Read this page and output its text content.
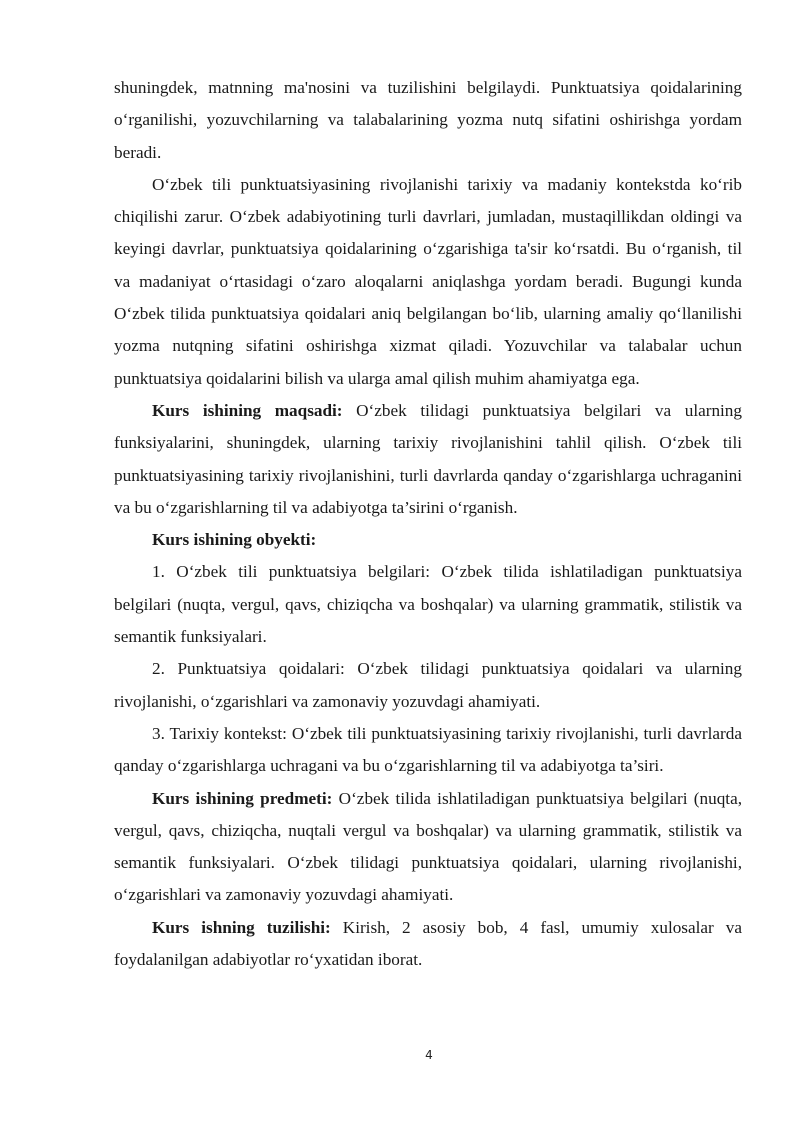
shuningdek, matnning ma'nosini va tuzilishini belgilaydi. Punktuatsiya qoidalarining o‘rganilishi, yozuvchilarning va talabalarining yozma nutq sifatini oshirishga yordam beradi.

O‘zbek tili punktuatsiyasining rivojlanishi tarixiy va madaniy kontekstda ko‘rib chiqilishi zarur. O‘zbek adabiyotining turli davrlari, jumladan, mustaqillikdan oldingi va keyingi davrlar, punktuatsiya qoidalarining o‘zgarishiga ta'sir ko‘rsatdi. Bu o‘rganish, til va madaniyat o‘rtasidagi o‘zaro aloqalarni aniqlashga yordam beradi. Bugungi kunda O‘zbek tilida punktuatsiya qoidalari aniq belgilangan bo‘lib, ularning amaliy qo‘llanilishi yozma nutqning sifatini oshirishga xizmat qiladi. Yozuvchilar va talabalar uchun punktuatsiya qoidalarini bilish va ularga amal qilish muhim ahamiyatga ega.

Kurs ishining maqsadi: O‘zbek tilidagi punktuatsiya belgilari va ularning funksiyalarini, shuningdek, ularning tarixiy rivojlanishini tahlil qilish. O‘zbek tili punktuatsiyasining tarixiy rivojlanishini, turli davrlarda qanday o‘zgarishlarga uchraganini va bu o‘zgarishlarning til va adabiyotga ta’sirini o‘rganish.

Kurs ishining obyekti:

1. O‘zbek tili punktuatsiya belgilari: O‘zbek tilida ishlatiladigan punktuatsiya belgilari (nuqta, vergul, qavs, chiziqcha va boshqalar) va ularning grammatik, stilistik va semantik funksiyalari.

2. Punktuatsiya qoidalari: O‘zbek tilidagi punktuatsiya qoidalari va ularning rivojlanishi, o‘zgarishlari va zamonaviy yozuvdagi ahamiyati.

3. Tarixiy kontekst: O‘zbek tili punktuatsiyasining tarixiy rivojlanishi, turli davrlarda qanday o‘zgarishlarga uchragani va bu o‘zgarishlarning til va adabiyotga ta’siri.

Kurs ishining predmeti: O‘zbek tilida ishlatiladigan punktuatsiya belgilari (nuqta, vergul, qavs, chiziqcha, nuqtali vergul va boshqalar) va ularning grammatik, stilistik va semantik funksiyalari. O‘zbek tilidagi punktuatsiya qoidalari, ularning rivojlanishi, o‘zgarishlari va zamonaviy yozuvdagi ahamiyati.

Kurs ishning tuzilishi: Kirish, 2 asosiy bob, 4 fasl, umumiy xulosalar va foydalanilgan adabiyotlar ro‘yxatidan iborat.

4
